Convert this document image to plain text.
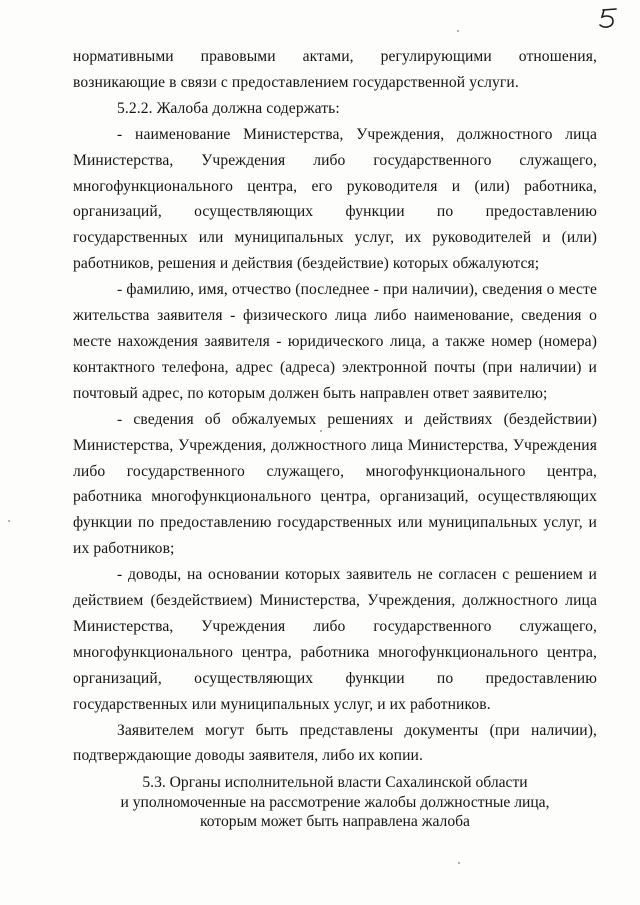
нормативными правовыми актами, регулирующими отношения, возникающие в связи с предоставлением государственной услуги.

5.2.2. Жалоба должна содержать:

- наименование Министерства, Учреждения, должностного лица Министерства, Учреждения либо государственного служащего, многофункционального центра, его руководителя и (или) работника, организаций, осуществляющих функции по предоставлению государственных или муниципальных услуг, их руководителей и (или) работников, решения и действия (бездействие) которых обжалуются;

- фамилию, имя, отчество (последнее - при наличии), сведения о месте жительства заявителя - физического лица либо наименование, сведения о месте нахождения заявителя - юридического лица, а также номер (номера) контактного телефона, адрес (адреса) электронной почты (при наличии) и почтовый адрес, по которым должен быть направлен ответ заявителю;

- сведения об обжалуемых решениях и действиях (бездействии) Министерства, Учреждения, должностного лица Министерства, Учреждения либо государственного служащего, многофункционального центра, работника многофункционального центра, организаций, осуществляющих функции по предоставлению государственных или муниципальных услуг, и их работников;

- доводы, на основании которых заявитель не согласен с решением и действием (бездействием) Министерства, Учреждения, должностного лица Министерства, Учреждения либо государственного служащего, многофункционального центра, работника многофункционального центра, организаций, осуществляющих функции по предоставлению государственных или муниципальных услуг, и их работников.

Заявителем могут быть представлены документы (при наличии), подтверждающие доводы заявителя, либо их копии.

5.3. Органы исполнительной власти Сахалинской области
и уполномоченные на рассмотрение жалобы должностные лица,
которым может быть направлена жалоба
